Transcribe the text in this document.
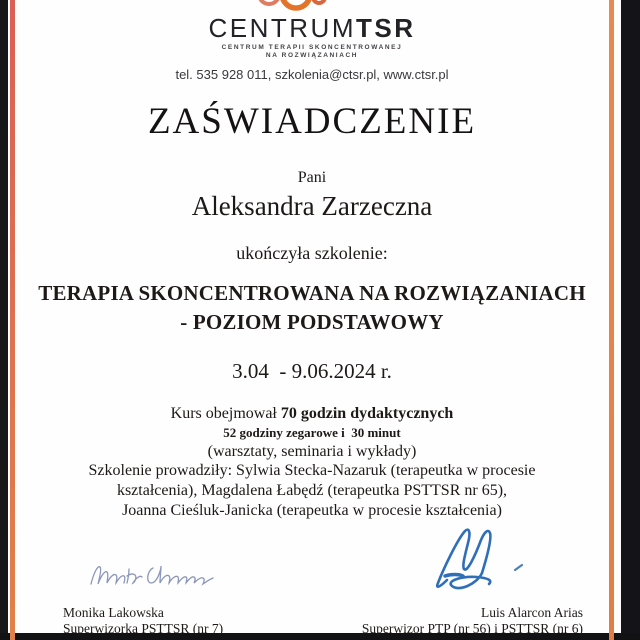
CENTRUMTSR
CENTRUM TERAPII SKONCENTROWANEJ
NA ROZWIĄZANIACH
tel. 535 928 011, szkolenia@ctsr.pl, www.ctsr.pl
ZAŚWIADCZENIE
Pani
Aleksandra Zarzeczna
ukończyła szkolenie:
TERAPIA SKONCENTROWANA NA ROZWIĄZANIACH
- POZIOM PODSTAWOWY
3.04  - 9.06.2024 r.
Kurs obejmował 70 godzin dydaktycznych
52 godziny zegarowe i  30 minut
(warsztaty, seminaria i wykłady)
Szkolenie prowadziły: Sylwia Stecka-Nazaruk (terapeutka w procesie
kształcenia), Magdalena Łabędź (terapeutka PSTTSR nr 65),
Joanna Cieśluk-Janicka (terapeutka w procesie kształcenia)
Monika Lakowska
Superwizorka PSTTSR (nr 7)
Luis Alarcon Arias
Superwizor PTP (nr 56) i PSTTSR (nr 6)
